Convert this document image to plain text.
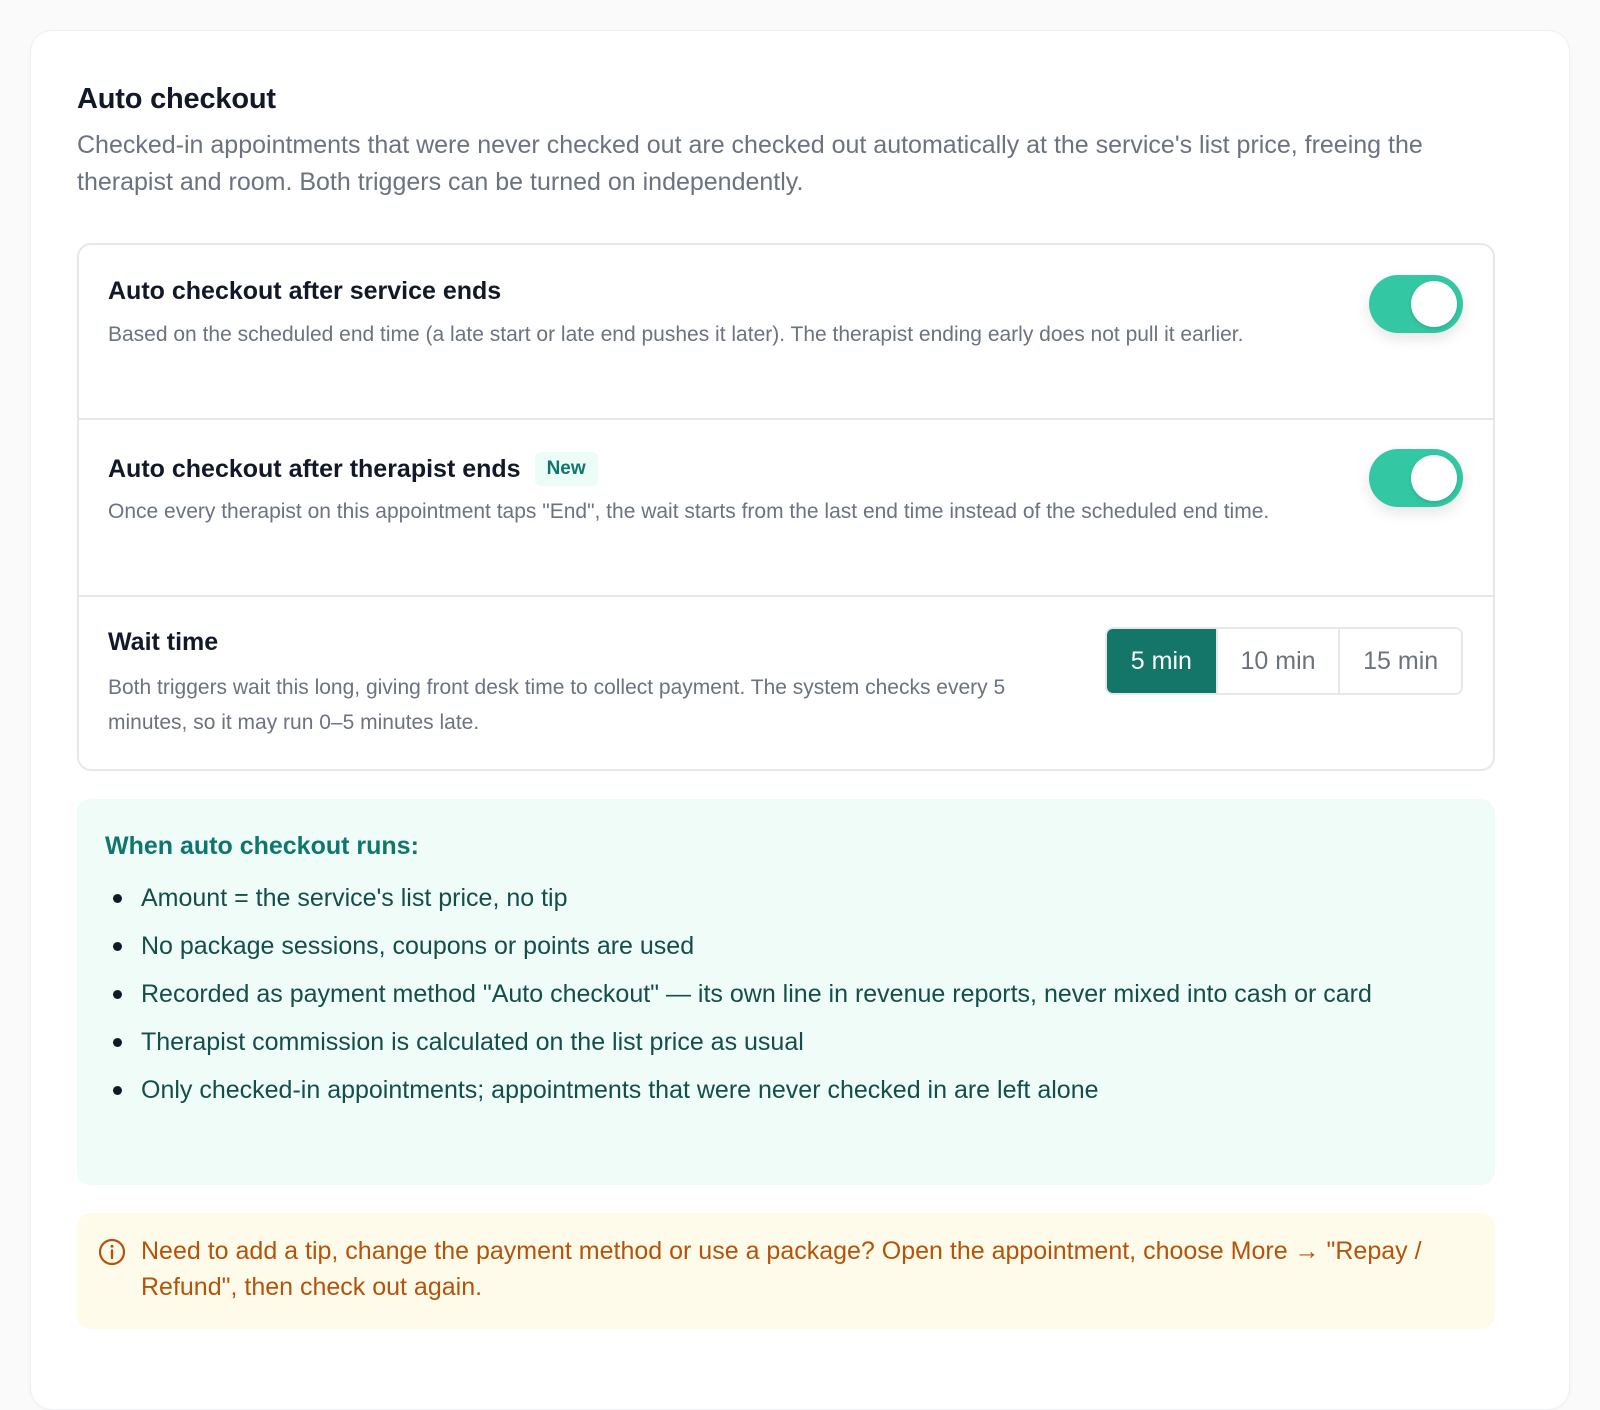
Auto checkout

Checked-in appointments that were never checked out are checked out automatically at the service's list price, freeing the therapist and room. Both triggers can be turned on independently.

Auto checkout after service ends

Based on the scheduled end time (a late start or late end pushes it later). The therapist ending early does not pull it earlier.

Auto checkout after therapist ends	New

Once every therapist on this appointment taps "End", the wait starts from the last end time instead of the scheduled end time.

Wait time

Both triggers wait this long, giving front desk time to collect payment. The system checks every 5 minutes, so it may run 0–5 minutes late.

5 min	10 min	15 min
When auto checkout runs:
Amount = the service's list price, no tip
No package sessions, coupons or points are used
Recorded as payment method "Auto checkout" — its own line in revenue reports, never mixed into cash or card
Therapist commission is calculated on the list price as usual
Only checked-in appointments; appointments that were never checked in are left alone

Need to add a tip, change the payment method or use a package? Open the appointment, choose More → "Repay / Refund", then check out again.
